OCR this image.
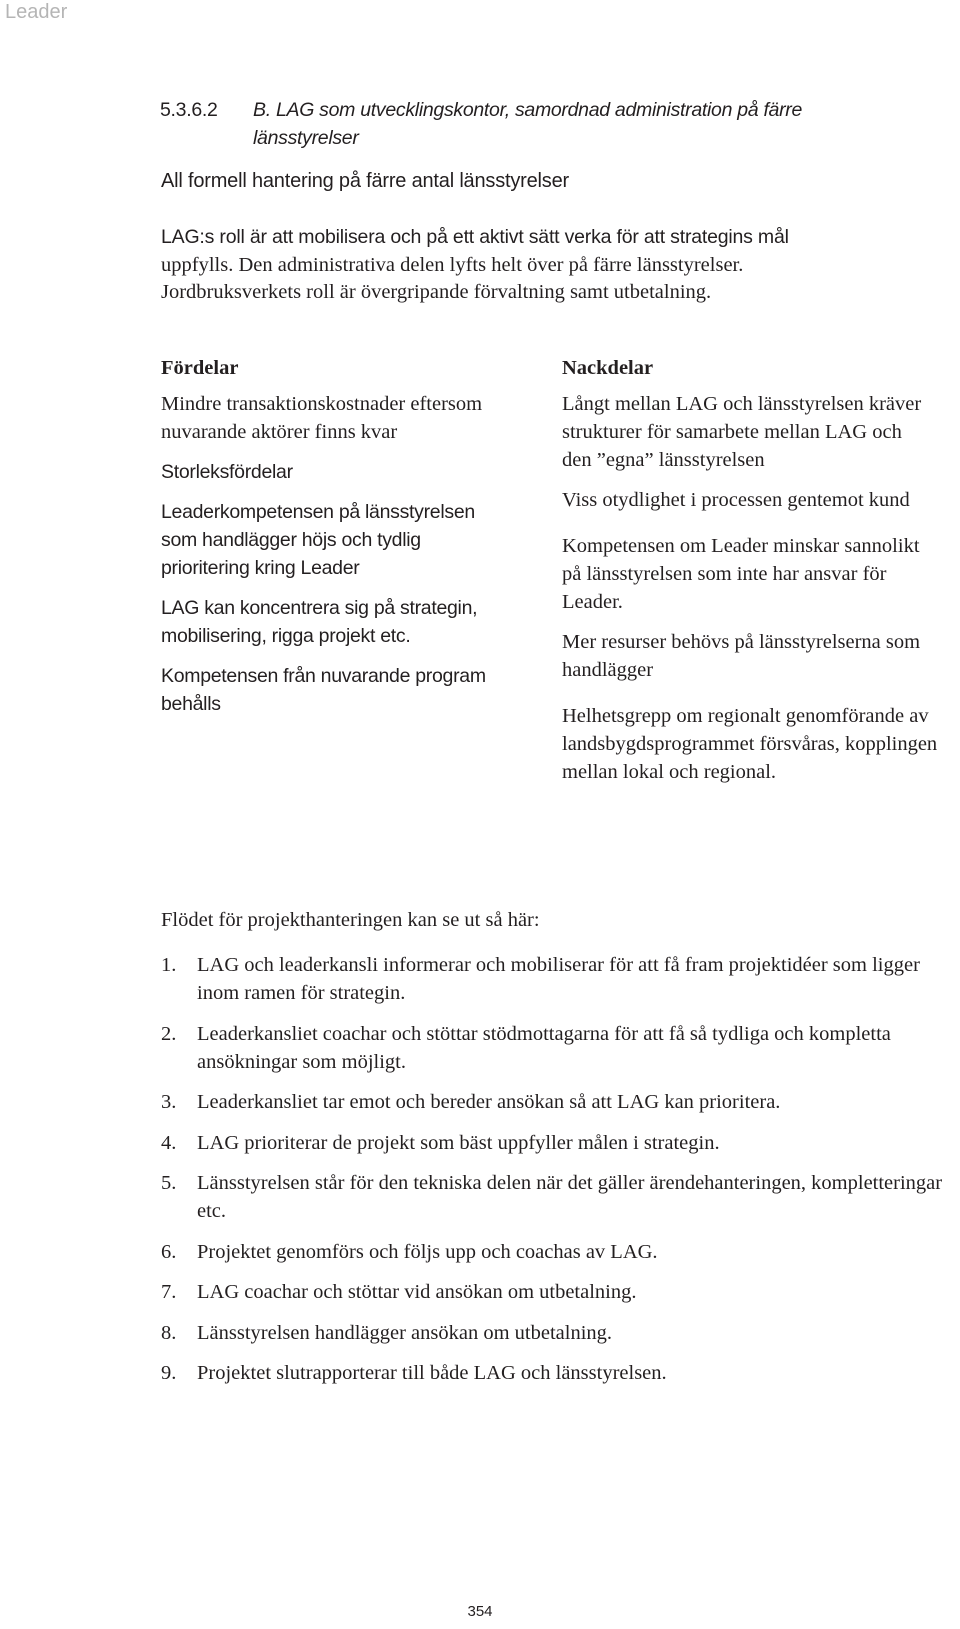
Leader
5.3.6.2 B. LAG som utvecklingskontor, samordnad administration på färre
länsstyrelser
All formell hantering på färre antal länsstyrelser

LAG:s roll är att mobilisera och på ett aktivt sätt verka för att strategins mål

uppfylls. Den administrativa delen lyfts helt över på färre länsstyrelser.

Jordbruksverkets roll är övergripande förvaltning samt utbetalning.

Fördelar

Mindre transaktionskostnader eftersom nuvarande aktörer finns kvar

Storleksfördelar

Leaderkompetensen på länsstyrelsen som handlägger höjs och tydlig prioritering kring Leader

LAG kan koncentrera sig på strategin, mobilisering, rigga projekt etc.

Kompetensen från nuvarande program behålls

Nackdelar

Långt mellan LAG och länsstyrelsen kräver strukturer för samarbete mellan LAG och den ”egna” länsstyrelsen

Viss otydlighet i processen gentemot kund

Kompetensen om Leader minskar sannolikt på länsstyrelsen som inte har ansvar för Leader.

Mer resurser behövs på länsstyrelserna som handlägger

Helhetsgrepp om regionalt genomförande av landsbygdsprogrammet försvåras, kopplingen mellan lokal och regional.

Flödet för projekthanteringen kan se ut så här:
1. LAG och leaderkansli informerar och mobiliserar för att få fram projektidéer som ligger inom ramen för strategin.
2. Leaderkansliet coachar och stöttar stödmottagarna för att få så tydliga och kompletta ansökningar som möjligt.
3. Leaderkansliet tar emot och bereder ansökan så att LAG kan prioritera.
4. LAG prioriterar de projekt som bäst uppfyller målen i strategin.
5. Länsstyrelsen står för den tekniska delen när det gäller ärendehanteringen, kompletteringar etc.
6. Projektet genomförs och följs upp och coachas av LAG.
7. LAG coachar och stöttar vid ansökan om utbetalning.
8. Länsstyrelsen handlägger ansökan om utbetalning.
9. Projektet slutrapporterar till både LAG och länsstyrelsen.
354
